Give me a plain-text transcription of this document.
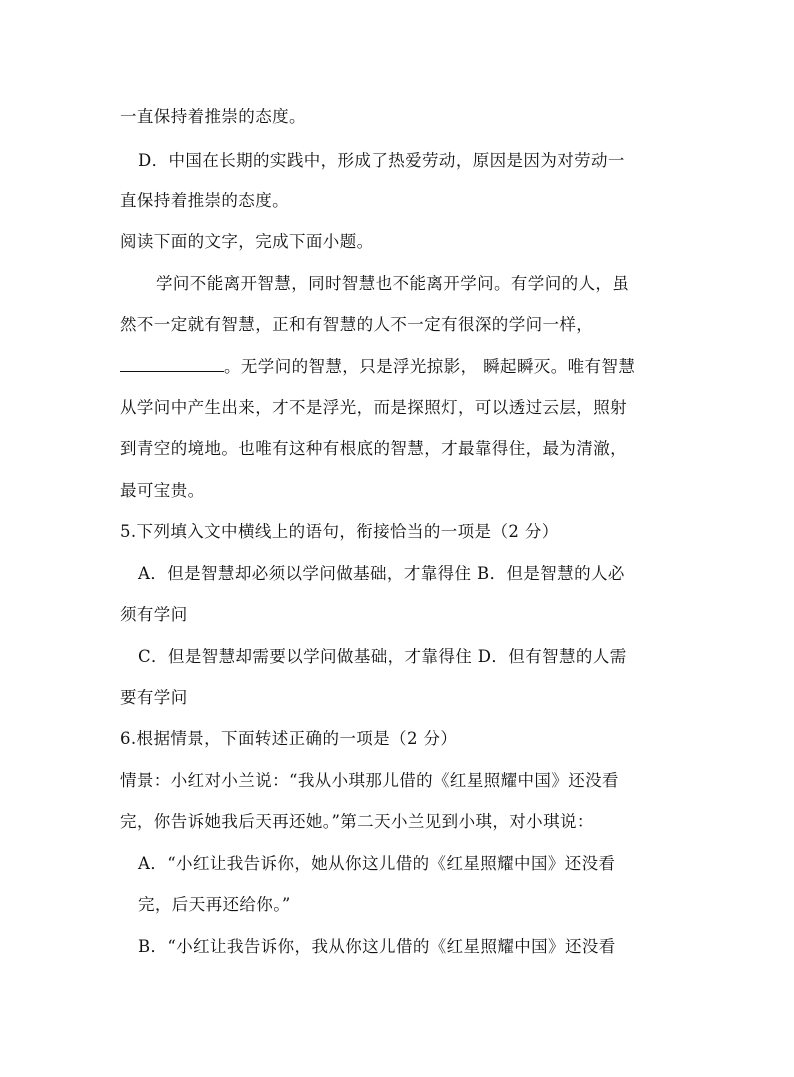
一直保持着推崇的态度。
D．中国在长期的实践中，形成了热爱劳动，原因是因为对劳动一
直保持着推崇的态度。
阅读下面的文字，完成下面小题。
学问不能离开智慧，同时智慧也不能离开学问。有学问的人，虽
然不一定就有智慧，正和有智慧的人不一定有很深的学问一样，
。无学问的智慧，只是浮光掠影， 瞬起瞬灭。唯有智慧
从学问中产生出来，才不是浮光，而是探照灯，可以透过云层，照射
到青空的境地。也唯有这种有根底的智慧，才最靠得住，最为清澈，
最可宝贵。
5.下列填入文中横线上的语句，衔接恰当的一项是（2 分）
A．但是智慧却必须以学问做基础，才靠得住 B．但是智慧的人必
须有学问
C．但是智慧却需要以学问做基础，才靠得住 D．但有智慧的人需
要有学问
6.根据情景，下面转述正确的一项是（2 分）
情景：小红对小兰说：“我从小琪那儿借的《红星照耀中国》还没看
完，你告诉她我后天再还她。”第二天小兰见到小琪，对小琪说：
A．“小红让我告诉你，她从你这儿借的《红星照耀中国》还没看
完，后天再还给你。”
B．“小红让我告诉你，我从你这儿借的《红星照耀中国》还没看
